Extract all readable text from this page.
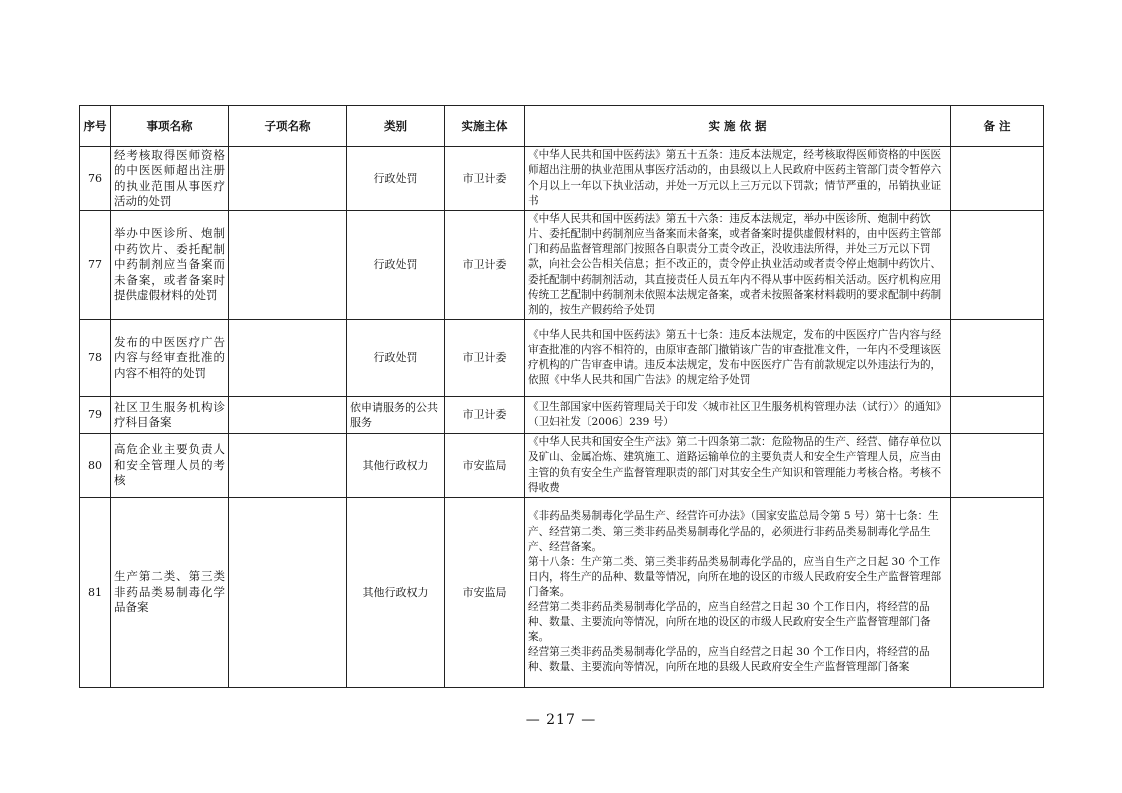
序号	事项名称	子项名称	类别	实施主体	实 施 依 据	备 注
76	经考核取得医师资格的中医医师超出注册的执业范围从事医疗活动的处罚		行政处罚	市卫计委	《中华人民共和国中医药法》第五十五条：违反本法规定，经考核取得医师资格的中医医师超出注册的执业范围从事医疗活动的，由县级以上人民政府中医药主管部门责令暂停六个月以上一年以下执业活动，并处一万元以上三万元以下罚款；情节严重的，吊销执业证书	

77	举办中医诊所、炮制中药饮片、委托配制中药制剂应当备案而未备案，或者备案时提供虚假材料的处罚		行政处罚	市卫计委	《中华人民共和国中医药法》第五十六条：违反本法规定，举办中医诊所、炮制中药饮片、委托配制中药制剂应当备案而未备案，或者备案时提供虚假材料的，由中医药主管部门和药品监督管理部门按照各自职责分工责令改正，没收违法所得，并处三万元以下罚款，向社会公告相关信息；拒不改正的，责令停止执业活动或者责令停止炮制中药饮片、委托配制中药制剂活动，其直接责任人员五年内不得从事中医药相关活动。医疗机构应用传统工艺配制中药制剂未依照本法规定备案，或者未按照备案材料载明的要求配制中药制剂的，按生产假药给予处罚	

78	发布的中医医疗广告内容与经审查批准的内容不相符的处罚		行政处罚	市卫计委	《中华人民共和国中医药法》第五十七条：违反本法规定，发布的中医医疗广告内容与经审查批准的内容不相符的，由原审查部门撤销该广告的审查批准文件，一年内不受理该医疗机构的广告审查申请。违反本法规定，发布中医医疗广告有前款规定以外违法行为的，依照《中华人民共和国广告法》的规定给予处罚	

79	社区卫生服务机构诊疗科目备案		依申请服务的公共服务	市卫计委	《卫生部国家中医药管理局关于印发〈城市社区卫生服务机构管理办法（试行）〉的通知》（卫妇社发〔2006〕239 号）	

80	高危企业主要负责人和安全管理人员的考核		其他行政权力	市安监局	《中华人民共和国安全生产法》第二十四条第二款：危险物品的生产、经营、储存单位以及矿山、金属冶炼、建筑施工、道路运输单位的主要负责人和安全生产管理人员，应当由主管的负有安全生产监督管理职责的部门对其安全生产知识和管理能力考核合格。考核不得收费	

81	生产第二类、第三类非药品类易制毒化学品备案		其他行政权力	市安监局	《非药品类易制毒化学品生产、经营许可办法》（国家安监总局令第 5 号）第十七条：生产、经营第二类、第三类非药品类易制毒化学品的，必须进行非药品类易制毒化学品生产、经营备案。
第十八条：生产第二类、第三类非药品类易制毒化学品的，应当自生产之日起 30 个工作日内，将生产的品种、数量等情况，向所在地的设区的市级人民政府安全生产监督管理部门备案。
经营第二类非药品类易制毒化学品的，应当自经营之日起 30 个工作日内，将经营的品种、数量、主要流向等情况，向所在地的设区的市级人民政府安全生产监督管理部门备案。
经营第三类非药品类易制毒化学品的，应当自经营之日起 30 个工作日内，将经营的品种、数量、主要流向等情况，向所在地的县级人民政府安全生产监督管理部门备案	

— 217 —
